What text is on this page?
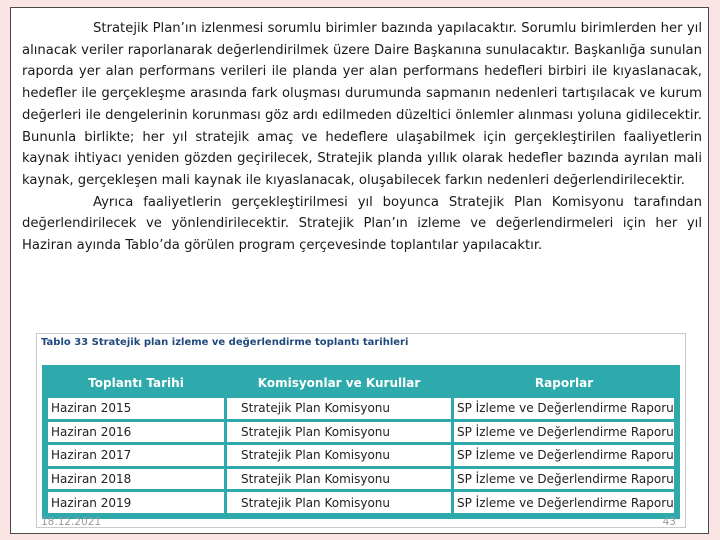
Stratejik Plan’ın izlenmesi sorumlu birimler bazında yapılacaktır. Sorumlu birimlerden her yıl alınacak veriler raporlanarak değerlendirilmek üzere Daire Başkanına sunulacaktır. Başkanlığa sunulan raporda yer alan performans verileri ile planda yer alan performans hedefleri birbiri ile kıyaslanacak, hedefler ile gerçekleşme arasında fark oluşması durumunda sapmanın nedenleri tartışılacak ve kurum değerleri ile dengelerinin korunması göz ardı edilmeden düzeltici önlemler alınması yoluna gidilecektir. Bununla birlikte; her yıl stratejik amaç ve hedeflere ulaşabilmek için gerçekleştirilen faaliyetlerin kaynak ihtiyacı yeniden gözden geçirilecek, Stratejik planda yıllık olarak hedefler bazında ayrılan mali kaynak, gerçekleşen mali kaynak ile kıyaslanacak, oluşabilecek farkın nedenleri değerlendirilecektir.

Ayrıca faaliyetlerin gerçekleştirilmesi yıl boyunca Stratejik Plan Komisyonu tarafından değerlendirilecek ve yönlendirilecektir. Stratejik Plan’ın izleme ve değerlendirmeleri için her yıl Haziran ayında Tablo’da görülen program çerçevesinde toplantılar yapılacaktır.

Tablo 33 Stratejik plan izleme ve değerlendirme toplantı tarihleri
Toplantı Tarihi	Komisyonlar ve Kurullar	Raporlar
Haziran 2015	Stratejik Plan Komisyonu	SP İzleme ve Değerlendirme Raporu
Haziran 2016	Stratejik Plan Komisyonu	SP İzleme ve Değerlendirme Raporu
Haziran 2017	Stratejik Plan Komisyonu	SP İzleme ve Değerlendirme Raporu
Haziran 2018	Stratejik Plan Komisyonu	SP İzleme ve Değerlendirme Raporu
Haziran 2019	Stratejik Plan Komisyonu	SP İzleme ve Değerlendirme Raporu
18.12.2021	43
